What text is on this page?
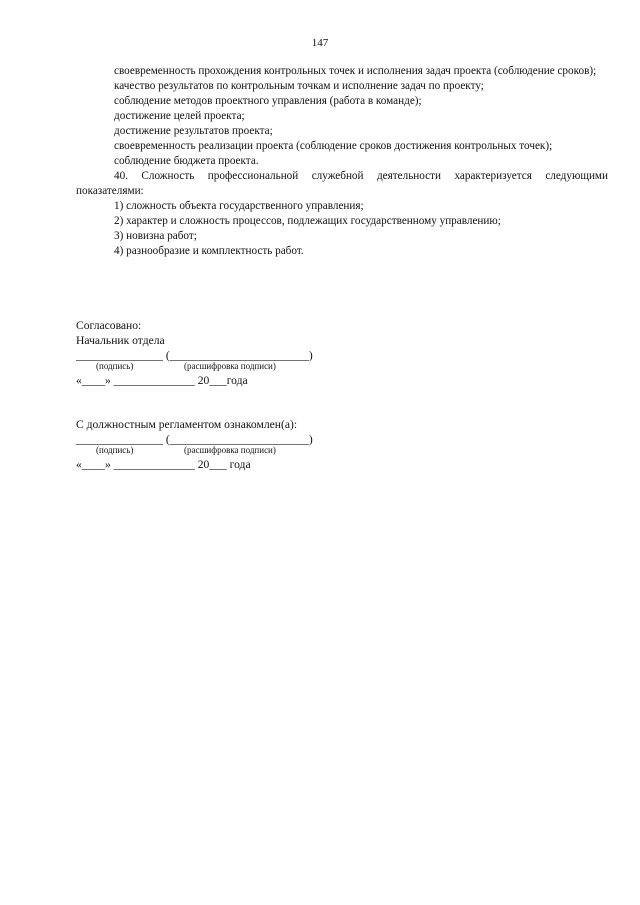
147

своевременность прохождения контрольных точек и исполнения задач проекта (соблюдение сроков);

качество результатов по контрольным точкам и исполнение задач по проекту;

соблюдение методов проектного управления (работа в команде);

достижение целей проекта;

достижение результатов проекта;

своевременность реализации проекта (соблюдение сроков достижения контрольных точек);

соблюдение бюджета проекта.

40. Сложность профессиональной служебной деятельности характеризуется следующими показателями:

1) сложность объекта государственного управления;

2) характер и сложность процессов, подлежащих государственному управлению;

3) новизна работ;

4) разнообразие и комплектность работ.

Согласовано:
Начальник отдела
_______________ (________________________)
(подпись)	(расшифровка подписи)
«____» ______________ 20___года
С должностным регламентом ознакомлен(а):
_______________ (________________________)
(подпись)	(расшифровка подписи)
«____» ______________ 20___ года
